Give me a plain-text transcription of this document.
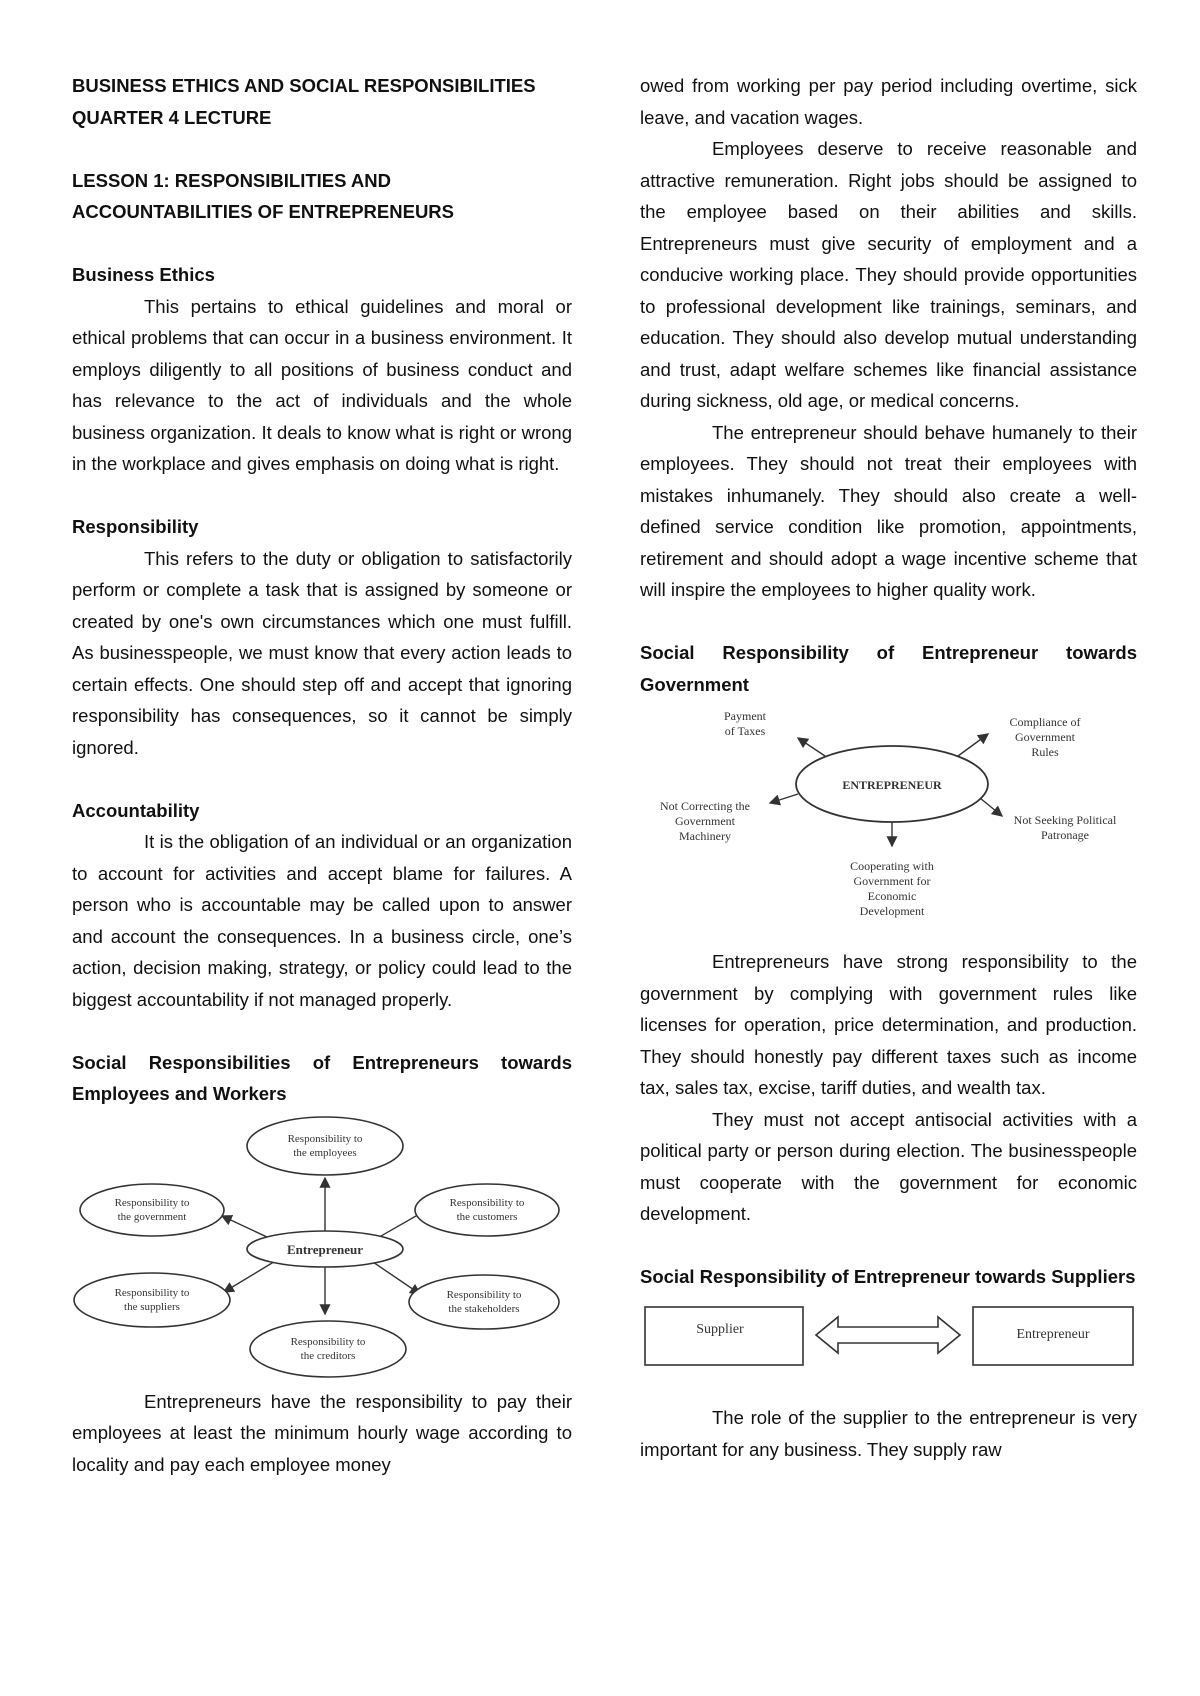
BUSINESS ETHICS AND SOCIAL RESPONSIBILITIES
QUARTER 4 LECTURE
LESSON 1: RESPONSIBILITIES AND ACCOUNTABILITIES OF ENTREPRENEURS
Business Ethics

This pertains to ethical guidelines and moral or ethical problems that can occur in a business environment. It employs diligently to all positions of business conduct and has relevance to the act of individuals and the whole business organization. It deals to know what is right or wrong in the workplace and gives emphasis on doing what is right.

Responsibility

This refers to the duty or obligation to satisfactorily perform or complete a task that is assigned by someone or created by one's own circumstances which one must fulfill. As businesspeople, we must know that every action leads to certain effects. One should step off and accept that ignoring responsibility has consequences, so it cannot be simply ignored.

Accountability

It is the obligation of an individual or an organization to account for activities and accept blame for failures. A person who is accountable may be called upon to answer and account the consequences. In a business circle, one’s action, decision making, strategy, or policy could lead to the biggest accountability if not managed properly.

Social Responsibilities of Entrepreneurs towards Employees and Workers

Responsibility to
the employees
Responsibility to
the government
Responsibility to
the customers
Entrepreneur
Responsibility to
the suppliers
Responsibility to
the stakeholders
Responsibility to
the creditors

Entrepreneurs have the responsibility to pay their employees at least the minimum hourly wage according to locality and pay each employee money

owed from working per pay period including overtime, sick leave, and vacation wages.

Employees deserve to receive reasonable and attractive remuneration. Right jobs should be assigned to the employee based on their abilities and skills. Entrepreneurs must give security of employment and a conducive working place. They should provide opportunities to professional development like trainings, seminars, and education. They should also develop mutual understanding and trust, adapt welfare schemes like financial assistance during sickness, old age, or medical concerns.

The entrepreneur should behave humanely to their employees. They should not treat their employees with mistakes inhumanely. They should also create a well-defined service condition like promotion, appointments, retirement and should adopt a wage incentive scheme that will inspire the employees to higher quality work.

Social Responsibility of Entrepreneur towards Government

ENTREPRENEUR
Payment
of Taxes
Compliance of
Government
Rules
Not Correcting the
Government
Machinery
Not Seeking Political
Patronage
Cooperating with
Government for
Economic
Development

Entrepreneurs have strong responsibility to the government by complying with government rules like licenses for operation, price determination, and production. They should honestly pay different taxes such as income tax, sales tax, excise, tariff duties, and wealth tax.

They must not accept antisocial activities with a political party or person during election. The businesspeople must cooperate with the government for economic development.

Social Responsibility of Entrepreneur towards Suppliers

Supplier	Entrepreneur

The role of the supplier to the entrepreneur is very important for any business. They supply raw
